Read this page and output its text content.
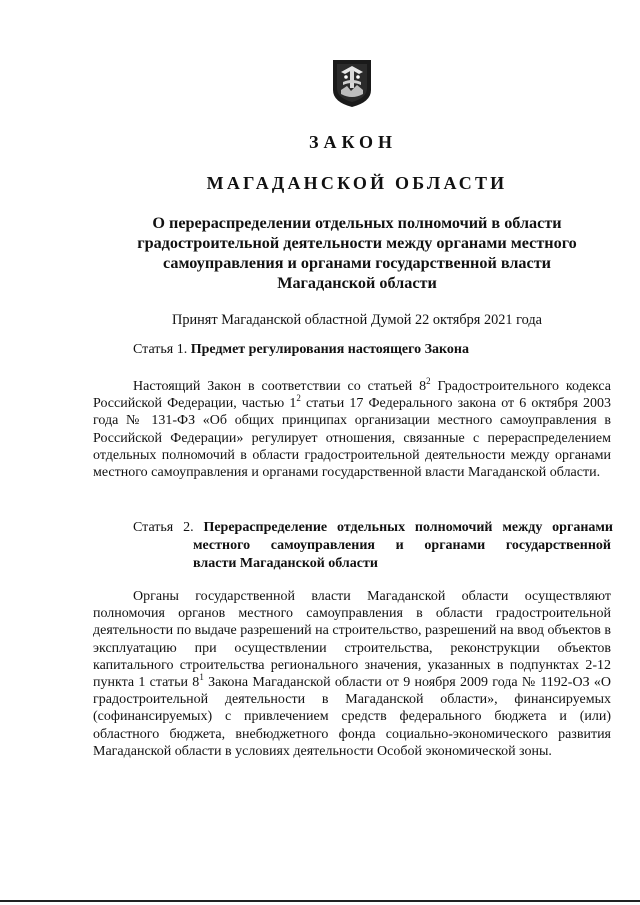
ЗАКОН
МАГАДАНСКОЙ ОБЛАСТИ
О перераспределении отдельных полномочий в области градостроительной деятельности между органами местного самоуправления и органами государственной власти Магаданской области
Принят Магаданской областной Думой 22 октября 2021 года
Статья 1. Предмет регулирования настоящего Закона
Настоящий Закон в соответствии со статьей $8^2$ Градостроительного кодекса Российской Федерации, частью $1^2$ статьи 17 Федерального закона от 6 октября 2003 года № 131-ФЗ «Об общих принципах организации местного самоуправления в Российской Федерации» регулирует отношения, связанные с перераспределением отдельных полномочий в области градостроительной деятельности между органами местного самоуправления и органами государственной власти Магаданской области.
Статья 2. Перераспределение отдельных полномочий между органами
местного самоуправления и органами государственной
власти Магаданской области
Органы государственной власти Магаданской области осуществляют полномочия органов местного самоуправления в области градостроительной деятельности по выдаче разрешений на строительство, разрешений на ввод объектов в эксплуатацию при осуществлении строительства, реконструкции объектов капитального строительства регионального значения, указанных в подпунктах 2-12 пункта 1 статьи $8^1$ Закона Магаданской области от 9 ноября 2009 года № 1192-ОЗ «О градостроительной деятельности в Магаданской области», финансируемых (софинансируемых) с привлечением средств федерального бюджета и (или) областного бюджета, внебюджетного фонда социально-экономического развития Магаданской области в условиях деятельности Особой экономической зоны.
